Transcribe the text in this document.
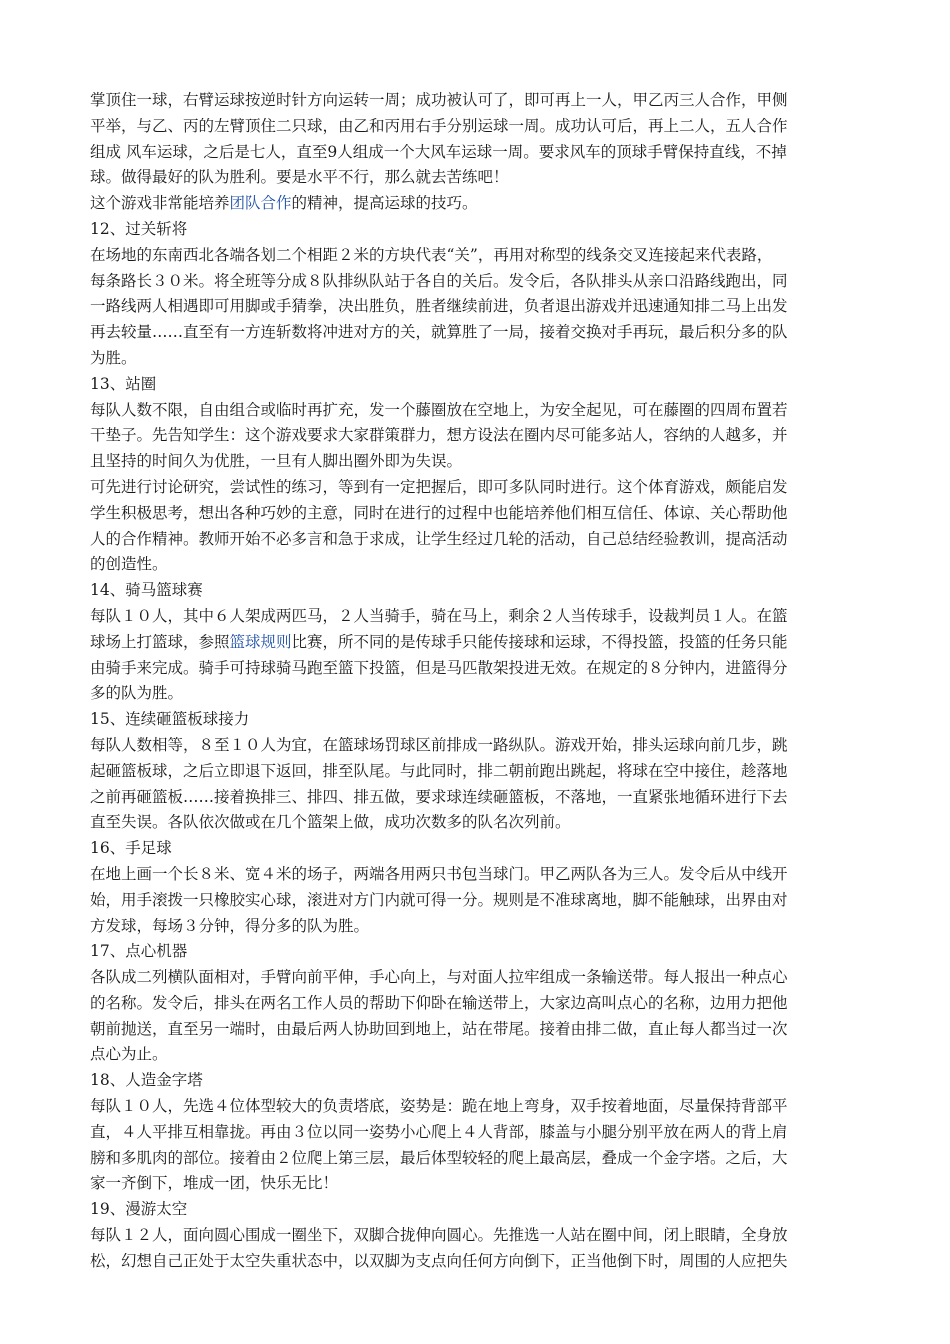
掌顶住一球，右臂运球按逆时针方向运转一周；成功被认可了，即可再上一人，甲乙丙三人合作，甲侧
平举，与乙、丙的左臂顶住二只球，由乙和丙用右手分别运球一周。成功认可后，再上二人，五人合作
组成 风车运球，之后是七人，直至9人组成一个大风车运球一周。要求风车的顶球手臂保持直线，不掉
球。做得最好的队为胜利。要是水平不行，那么就去苦练吧！
这个游戏非常能培养团队合作的精神，提高运球的技巧。
12、过关斩将
在场地的东南西北各端各划二个相距２米的方块代表“关”，再用对称型的线条交叉连接起来代表路，
每条路长３０米。将全班等分成８队排纵队站于各自的关后。发令后，各队排头从亲口沿路线跑出，同
一路线两人相遇即可用脚或手猜拳，决出胜负，胜者继续前进，负者退出游戏并迅速通知排二马上出发
再去较量……直至有一方连斩数将冲进对方的关，就算胜了一局，接着交换对手再玩，最后积分多的队
为胜。
13、站圈
每队人数不限，自由组合或临时再扩充，发一个藤圈放在空地上，为安全起见，可在藤圈的四周布置若
干垫子。先告知学生：这个游戏要求大家群策群力，想方设法在圈内尽可能多站人，容纳的人越多，并
且坚持的时间久为优胜，一旦有人脚出圈外即为失误。
可先进行讨论研究，尝试性的练习，等到有一定把握后，即可多队同时进行。这个体育游戏，颇能启发
学生积极思考，想出各种巧妙的主意，同时在进行的过程中也能培养他们相互信任、体谅、关心帮助他
人的合作精神。教师开始不必多言和急于求成，让学生经过几轮的活动，自己总结经验教训，提高活动
的创造性。
14、骑马篮球赛
每队１０人，其中６人架成两匹马，２人当骑手，骑在马上，剩余２人当传球手，设裁判员１人。在篮
球场上打篮球，参照篮球规则比赛，所不同的是传球手只能传接球和运球，不得投篮，投篮的任务只能
由骑手来完成。骑手可持球骑马跑至篮下投篮，但是马匹散架投进无效。在规定的８分钟内，进篮得分
多的队为胜。
15、连续砸篮板球接力
每队人数相等，８至１０人为宜，在篮球场罚球区前排成一路纵队。游戏开始，排头运球向前几步，跳
起砸篮板球，之后立即退下返回，排至队尾。与此同时，排二朝前跑出跳起，将球在空中接住，趁落地
之前再砸篮板……接着换排三、排四、排五做，要求球连续砸篮板，不落地，一直紧张地循环进行下去
直至失误。各队依次做或在几个篮架上做，成功次数多的队名次列前。
16、手足球
在地上画一个长８米、宽４米的场子，两端各用两只书包当球门。甲乙两队各为三人。发令后从中线开
始，用手滚拨一只橡胶实心球，滚进对方门内就可得一分。规则是不准球离地，脚不能触球，出界由对
方发球，每场３分钟，得分多的队为胜。
17、点心机器
各队成二列横队面相对，手臂向前平伸，手心向上，与对面人拉牢组成一条输送带。每人报出一种点心
的名称。发令后，排头在两名工作人员的帮助下仰卧在输送带上，大家边高叫点心的名称，边用力把他
朝前抛送，直至另一端时，由最后两人协助回到地上，站在带尾。接着由排二做，直止每人都当过一次
点心为止。
18、人造金字塔
每队１０人，先选４位体型较大的负责塔底，姿势是：跪在地上弯身，双手按着地面，尽量保持背部平
直，４人平排互相靠拢。再由３位以同一姿势小心爬上４人背部，膝盖与小腿分别平放在两人的背上肩
膀和多肌肉的部位。接着由２位爬上第三层，最后体型较轻的爬上最高层，叠成一个金字塔。之后，大
家一齐倒下，堆成一团，快乐无比！
19、漫游太空
每队１２人，面向圆心围成一圈坐下，双脚合拢伸向圆心。先推选一人站在圈中间，闭上眼睛，全身放
松，幻想自己正处于太空失重状态中，以双脚为支点向任何方向倒下，正当他倒下时，周围的人应把失
